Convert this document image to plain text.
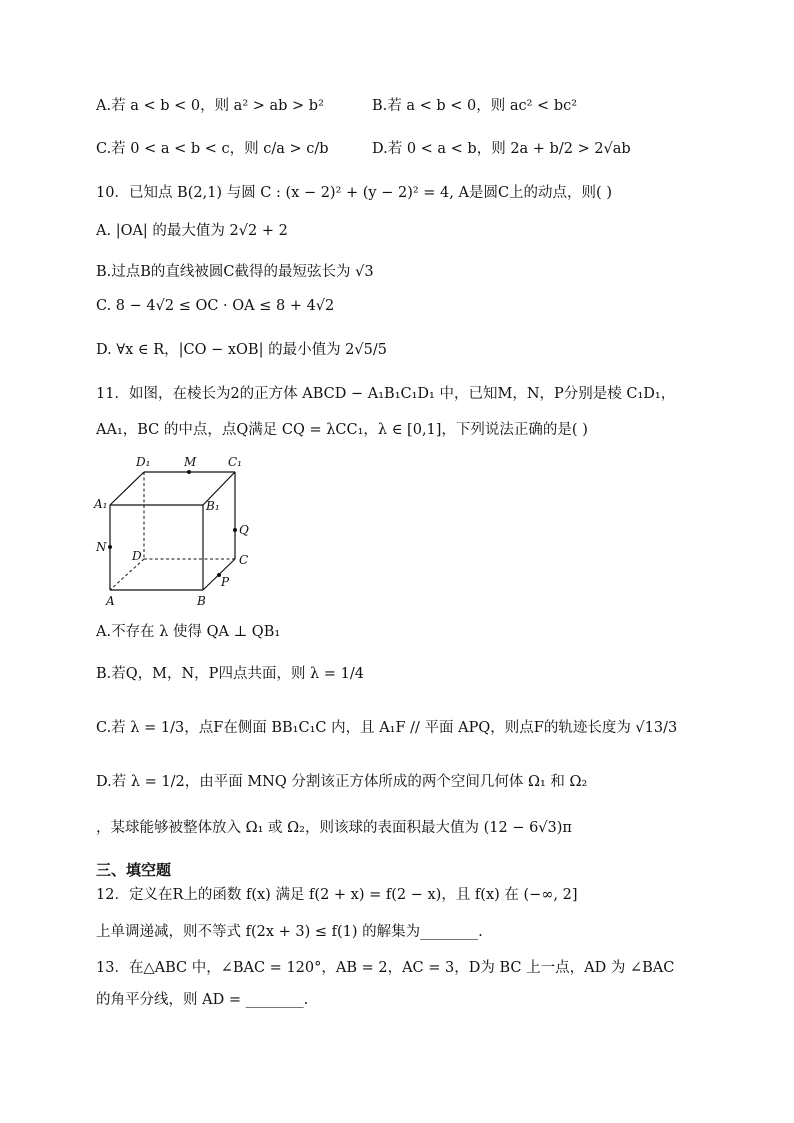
A.若 a < b < 0，则 a² > ab > b²	B.若 a < b < 0，则 ac² < bc²
C.若 0 < a < b < c，则 c/a > c/b	D.若 0 < a < b，则 2a + b/2 > 2√ab
10．已知点 B(2,1) 与圆 C : (x − 2)² + (y − 2)² = 4, A是圆C上的动点，则( )
A. |OA| 的最大值为 2√2 + 2
B.过点B的直线被圆C截得的最短弦长为 √3
C. 8 − 4√2 ≤ OC · OA ≤ 8 + 4√2
D. ∀x ∈ R，|CO − xOB| 的最小值为 2√5/5
11．如图，在棱长为2的正方体 ABCD − A₁B₁C₁D₁ 中，已知M，N，P分别是棱 C₁D₁，
AA₁，BC 的中点，点Q满足 CQ = λCC₁，λ ∈ [0,1]，下列说法正确的是( )
D₁	M	C₁
A₁	B₁
Q
N
D	C
P
A	B
A.不存在 λ 使得 QA ⊥ QB₁
B.若Q，M，N，P四点共面，则 λ = 1/4
C.若 λ = 1/3，点F在侧面 BB₁C₁C 内，且 A₁F // 平面 APQ，则点F的轨迹长度为 √13/3
D.若 λ = 1/2，由平面 MNQ 分割该正方体所成的两个空间几何体 Ω₁ 和 Ω₂
，某球能够被整体放入 Ω₁ 或 Ω₂，则该球的表面积最大值为 (12 − 6√3)π
三、填空题
12．定义在R上的函数 f(x) 满足 f(2 + x) = f(2 − x)，且 f(x) 在 (−∞, 2]
上单调递减，则不等式 f(2x + 3) ≤ f(1) 的解集为________.
13．在△ABC 中，∠BAC = 120°，AB = 2，AC = 3，D为 BC 上一点，AD 为 ∠BAC
的角平分线，则 AD = ________.
